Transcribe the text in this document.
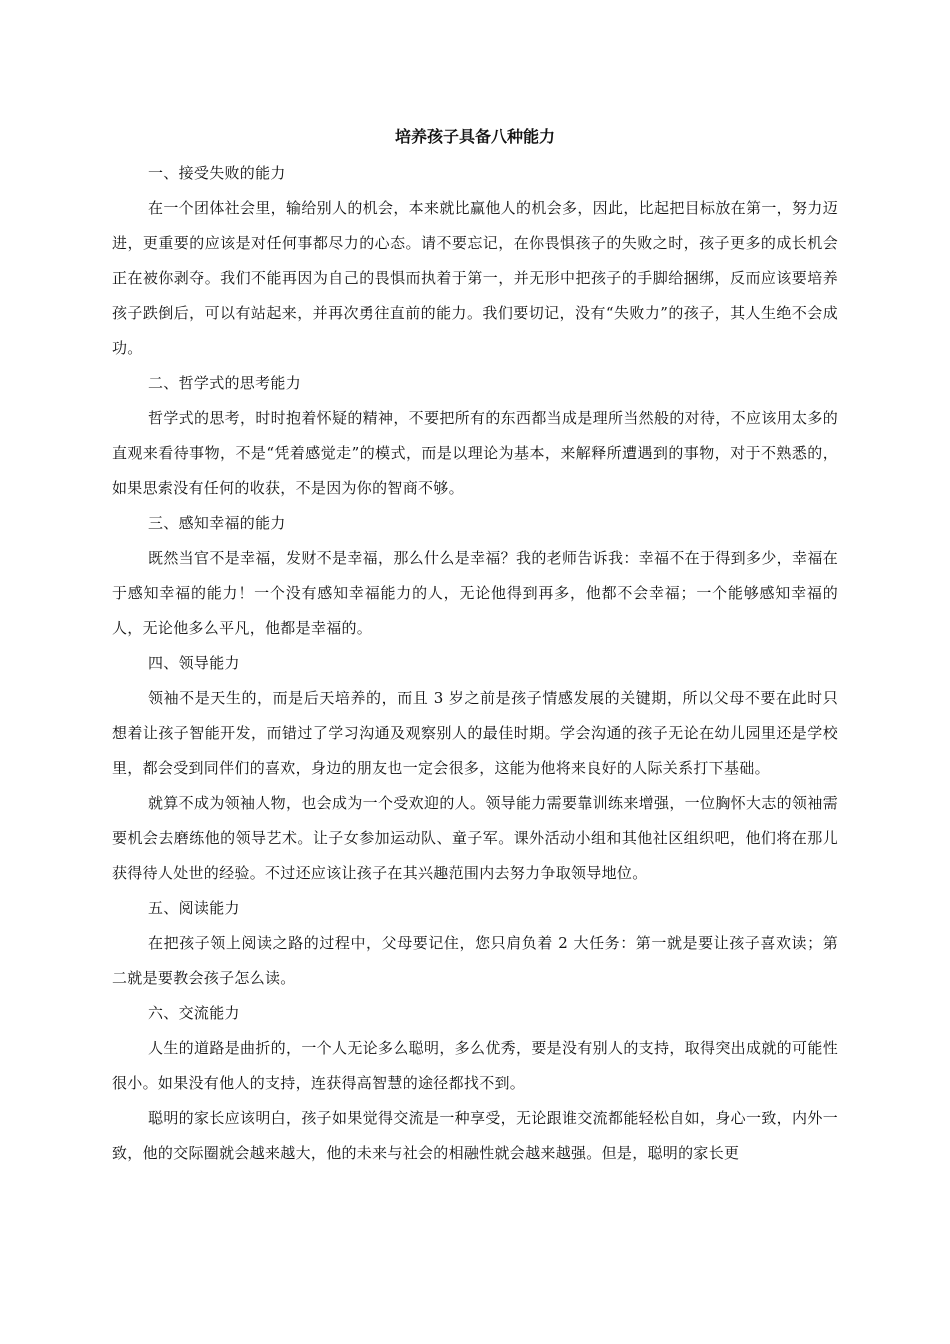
培养孩子具备八种能力

一、接受失败的能力

在一个团体社会里，输给别人的机会，本来就比赢他人的机会多，因此，比起把目标放在第一，努力迈进，更重要的应该是对任何事都尽力的心态。请不要忘记，在你畏惧孩子的失败之时，孩子更多的成长机会正在被你剥夺。我们不能再因为自己的畏惧而执着于第一，并无形中把孩子的手脚给捆绑，反而应该要培养孩子跌倒后，可以有站起来，并再次勇往直前的能力。我们要切记，没有“失败力”的孩子，其人生绝不会成功。

二、哲学式的思考能力

哲学式的思考，时时抱着怀疑的精神，不要把所有的东西都当成是理所当然般的对待，不应该用太多的直观来看待事物，不是“凭着感觉走”的模式，而是以理论为基本，来解释所遭遇到的事物，对于不熟悉的，如果思索没有任何的收获，不是因为你的智商不够。

三、感知幸福的能力

既然当官不是幸福，发财不是幸福，那么什么是幸福？我的老师告诉我：幸福不在于得到多少，幸福在于感知幸福的能力！一个没有感知幸福能力的人，无论他得到再多，他都不会幸福；一个能够感知幸福的人，无论他多么平凡，他都是幸福的。

四、领导能力

领袖不是天生的，而是后天培养的，而且 3 岁之前是孩子情感发展的关键期，所以父母不要在此时只想着让孩子智能开发，而错过了学习沟通及观察别人的最佳时期。学会沟通的孩子无论在幼儿园里还是学校里，都会受到同伴们的喜欢，身边的朋友也一定会很多，这能为他将来良好的人际关系打下基础。

就算不成为领袖人物，也会成为一个受欢迎的人。领导能力需要靠训练来增强，一位胸怀大志的领袖需要机会去磨练他的领导艺术。让子女参加运动队、童子军。课外活动小组和其他社区组织吧，他们将在那儿获得待人处世的经验。不过还应该让孩子在其兴趣范围内去努力争取领导地位。

五、阅读能力

在把孩子领上阅读之路的过程中，父母要记住，您只肩负着 2 大任务：第一就是要让孩子喜欢读；第二就是要教会孩子怎么读。

六、交流能力

人生的道路是曲折的，一个人无论多么聪明，多么优秀，要是没有别人的支持，取得突出成就的可能性很小。如果没有他人的支持，连获得高智慧的途径都找不到。

聪明的家长应该明白，孩子如果觉得交流是一种享受，无论跟谁交流都能轻松自如，身心一致，内外一致，他的交际圈就会越来越大，他的未来与社会的相融性就会越来越强。但是，聪明的家长更
